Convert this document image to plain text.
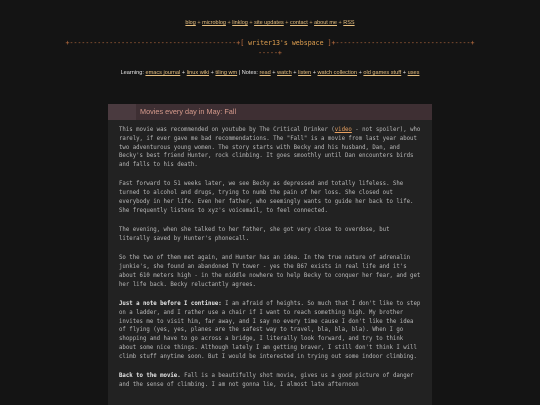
blog + microblog + linklog + site updates + contact + about me + RSS
+------------------------------------------+[ writer13's webspace ]+----------------------------------+
-----+
Learning: emacs journal + linux wiki + tiling wm | Notes: read + watch + listen + watch collection + old games stuff + uses
Movies every day in May: Fall

This movie was recommended on youtube by The Critical Drinker (video - not spoiler), who rarely, if ever gave me bad recommendations. The "Fall" is a movie from last year about two adventurous young women. The story starts with Becky and his husband, Dan, and Becky's best friend Hunter, rock climbing. It goes smoothly until Dan encounters birds and falls to his death.

Fast forward to 51 weeks later, we see Becky as depressed and totally lifeless. She turned to alcohol and drugs, trying to numb the pain of her loss. She closed out everybody in her life. Even her father, who seemingly wants to guide her back to life. She frequently listens to xyz's voicemail, to feel connected.

The evening, when she talked to her father, she got very close to overdose, but literally saved by Hunter's phonecall.

So the two of them met again, and Hunter has an idea. In the true nature of adrenalin junkie's, she found an abandoned TV tower - yes the B67 exists in real life and it's about 610 meters high - in the middle nowhere to help Becky to conquer her fear, and get her life back. Becky reluctantly agrees.

Just a note before I continue: I am afraid of heights. So much that I don't like to step on a ladder, and I rather use a chair if I want to reach something high. My brother invites me to visit him, far away, and I say no every time cause I don't like the idea of flying (yes, yes, planes are the safest way to travel, bla, bla, bla). When I go shopping and have to go across a bridge, I literally look forward, and try to think about some nice things. Although lately I am getting braver, I still don't think I will climb stuff anytime soon. But I would be interested in trying out some indoor climbing.

Back to the movie. Fall is a beautifully shot movie, gives us a good picture of danger and the sense of climbing. I am not gonna lie, I almost late afternoon
